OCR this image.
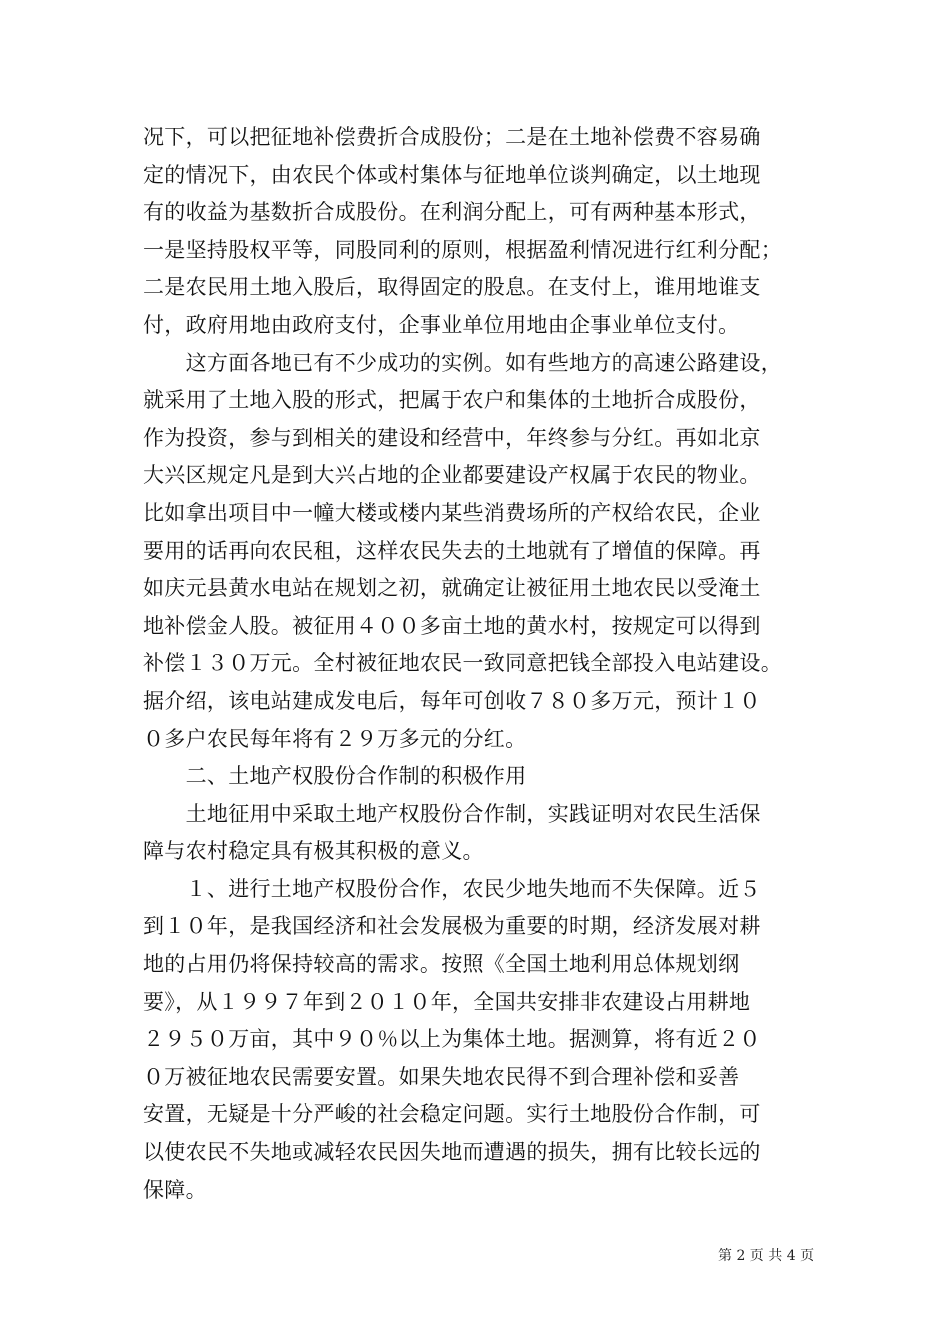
况下，可以把征地补偿费折合成股份；二是在土地补偿费不容易确
定的情况下，由农民个体或村集体与征地单位谈判确定，以土地现
有的收益为基数折合成股份。在利润分配上，可有两种基本形式，
一是坚持股权平等，同股同利的原则，根据盈利情况进行红利分配；
二是农民用土地入股后，取得固定的股息。在支付上，谁用地谁支
付，政府用地由政府支付，企事业单位用地由企事业单位支付。
　　这方面各地已有不少成功的实例。如有些地方的高速公路建设，
就采用了土地入股的形式，把属于农户和集体的土地折合成股份，
作为投资，参与到相关的建设和经营中，年终参与分红。再如北京
大兴区规定凡是到大兴占地的企业都要建设产权属于农民的物业。
比如拿出项目中一幢大楼或楼内某些消费场所的产权给农民，企业
要用的话再向农民租，这样农民失去的土地就有了增值的保障。再
如庆元县黄水电站在规划之初，就确定让被征用土地农民以受淹土
地补偿金人股。被征用４００多亩土地的黄水村，按规定可以得到
补偿１３０万元。全村被征地农民一致同意把钱全部投入电站建设。
据介绍，该电站建成发电后，每年可创收７８０多万元，预计１０
０多户农民每年将有２９万多元的分红。
　　二、土地产权股份合作制的积极作用
　　土地征用中采取土地产权股份合作制，实践证明对农民生活保
障与农村稳定具有极其积极的意义。
　　１、进行土地产权股份合作，农民少地失地而不失保障。近５
到１０年，是我国经济和社会发展极为重要的时期，经济发展对耕
地的占用仍将保持较高的需求。按照《全国土地利用总体规划纲
要》，从１９９７年到２０１０年，全国共安排非农建设占用耕地
２９５０万亩，其中９０％以上为集体土地。据测算，将有近２０
０万被征地农民需要安置。如果失地农民得不到合理补偿和妥善
安置，无疑是十分严峻的社会稳定问题。实行土地股份合作制，可
以使农民不失地或减轻农民因失地而遭遇的损失，拥有比较长远的
保障。
第 2 页 共 4 页
